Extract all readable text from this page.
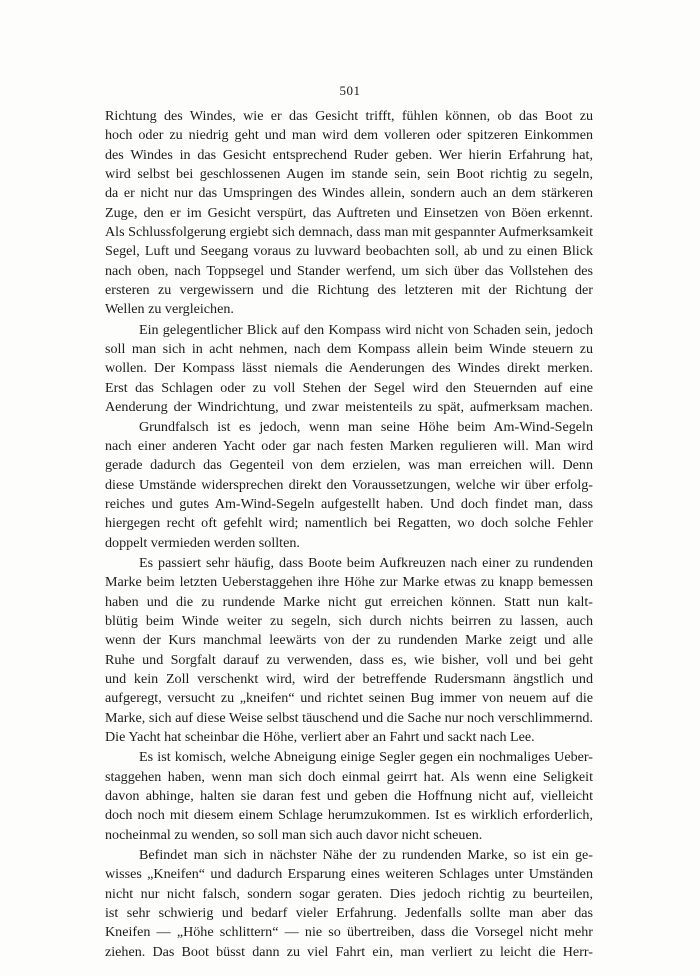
501
Richtung des Windes, wie er das Gesicht trifft, fühlen können, ob das Boot zu
hoch oder zu niedrig geht und man wird dem volleren oder spitzeren Einkommen
des Windes in das Gesicht entsprechend Ruder geben. Wer hierin Erfahrung hat,
wird selbst bei geschlossenen Augen im stande sein, sein Boot richtig zu segeln,
da er nicht nur das Umspringen des Windes allein, sondern auch an dem stärkeren
Zuge, den er im Gesicht verspürt, das Auftreten und Einsetzen von Böen erkennt.
Als Schlussfolgerung ergiebt sich demnach, dass man mit gespannter Aufmerksamkeit
Segel, Luft und Seegang voraus zu luvward beobachten soll, ab und zu einen Blick
nach oben, nach Toppsegel und Stander werfend, um sich über das Vollstehen des
ersteren zu vergewissern und die Richtung des letzteren mit der Richtung der
Wellen zu vergleichen.
Ein gelegentlicher Blick auf den Kompass wird nicht von Schaden sein, jedoch
soll man sich in acht nehmen, nach dem Kompass allein beim Winde steuern zu
wollen. Der Kompass lässt niemals die Aenderungen des Windes direkt merken.
Erst das Schlagen oder zu voll Stehen der Segel wird den Steuernden auf eine
Aenderung der Windrichtung, und zwar meistenteils zu spät, aufmerksam machen.
Grundfalsch ist es jedoch, wenn man seine Höhe beim Am-Wind-Segeln
nach einer anderen Yacht oder gar nach festen Marken regulieren will. Man wird
gerade dadurch das Gegenteil von dem erzielen, was man erreichen will. Denn
diese Umstände widersprechen direkt den Voraussetzungen, welche wir über erfolg-
reiches und gutes Am-Wind-Segeln aufgestellt haben. Und doch findet man, dass
hiergegen recht oft gefehlt wird; namentlich bei Regatten, wo doch solche Fehler
doppelt vermieden werden sollten.
Es passiert sehr häufig, dass Boote beim Aufkreuzen nach einer zu rundenden
Marke beim letzten Ueberstaggehen ihre Höhe zur Marke etwas zu knapp bemessen
haben und die zu rundende Marke nicht gut erreichen können. Statt nun kalt-
blütig beim Winde weiter zu segeln, sich durch nichts beirren zu lassen, auch
wenn der Kurs manchmal leewärts von der zu rundenden Marke zeigt und alle
Ruhe und Sorgfalt darauf zu verwenden, dass es, wie bisher, voll und bei geht
und kein Zoll verschenkt wird, wird der betreffende Rudersmann ängstlich und
aufgeregt, versucht zu „kneifen“ und richtet seinen Bug immer von neuem auf die
Marke, sich auf diese Weise selbst täuschend und die Sache nur noch verschlimmernd.
Die Yacht hat scheinbar die Höhe, verliert aber an Fahrt und sackt nach Lee.
Es ist komisch, welche Abneigung einige Segler gegen ein nochmaliges Ueber-
staggehen haben, wenn man sich doch einmal geirrt hat. Als wenn eine Seligkeit
davon abhinge, halten sie daran fest und geben die Hoffnung nicht auf, vielleicht
doch noch mit diesem einem Schlage herumzukommen. Ist es wirklich erforderlich,
nocheinmal zu wenden, so soll man sich auch davor nicht scheuen.
Befindet man sich in nächster Nähe der zu rundenden Marke, so ist ein ge-
wisses „Kneifen“ und dadurch Ersparung eines weiteren Schlages unter Umständen
nicht nur nicht falsch, sondern sogar geraten. Dies jedoch richtig zu beurteilen,
ist sehr schwierig und bedarf vieler Erfahrung. Jedenfalls sollte man aber das
Kneifen — „Höhe schlittern“ — nie so übertreiben, dass die Vorsegel nicht mehr
ziehen. Das Boot büsst dann zu viel Fahrt ein, man verliert zu leicht die Herr-
